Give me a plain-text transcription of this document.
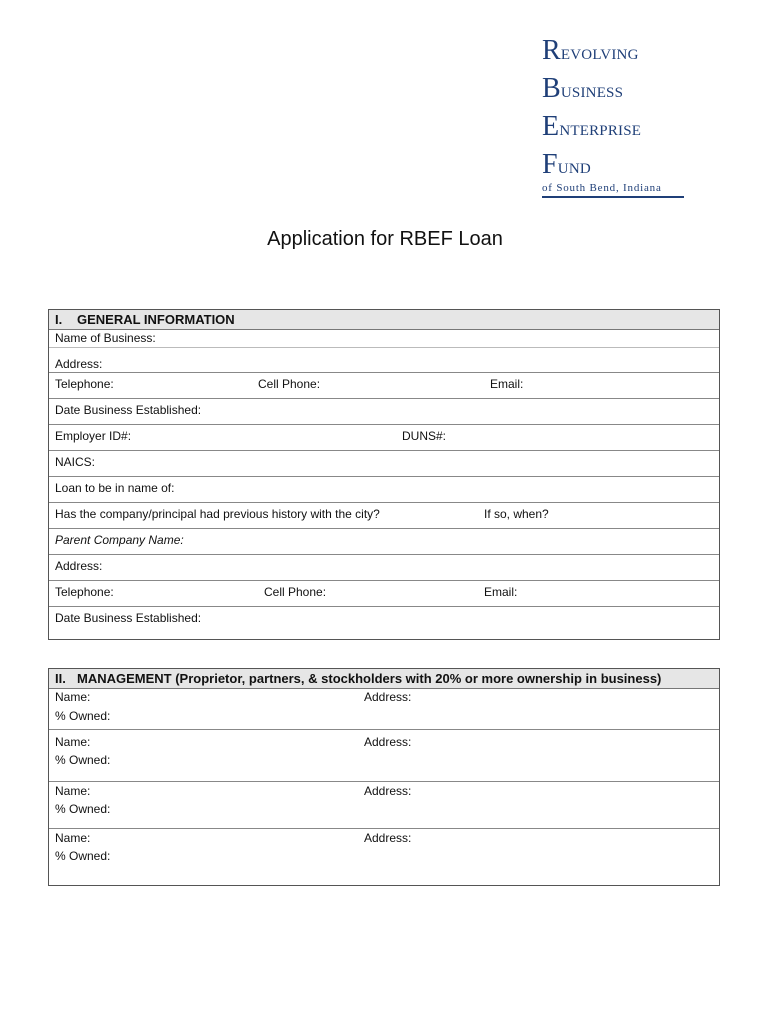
Revolving
Business
Enterprise
Fund
of South Bend, Indiana
Application for RBEF Loan
I. GENERAL INFORMATION
Name of Business:
Address:
Telephone:	Cell Phone:	Email:
Date Business Established:
Employer ID#:	DUNS#:
NAICS:
Loan to be in name of:
Has the company/principal had previous history with the city?	If so, when?
Parent Company Name:
Address:
Telephone:	Cell Phone:	Email:
Date Business Established:
II. MANAGEMENT (Proprietor, partners, & stockholders with 20% or more ownership in business)
Name:	Address:
% Owned:
Name:	Address:
% Owned:
Name:	Address:
% Owned:
Name:	Address:
% Owned:
